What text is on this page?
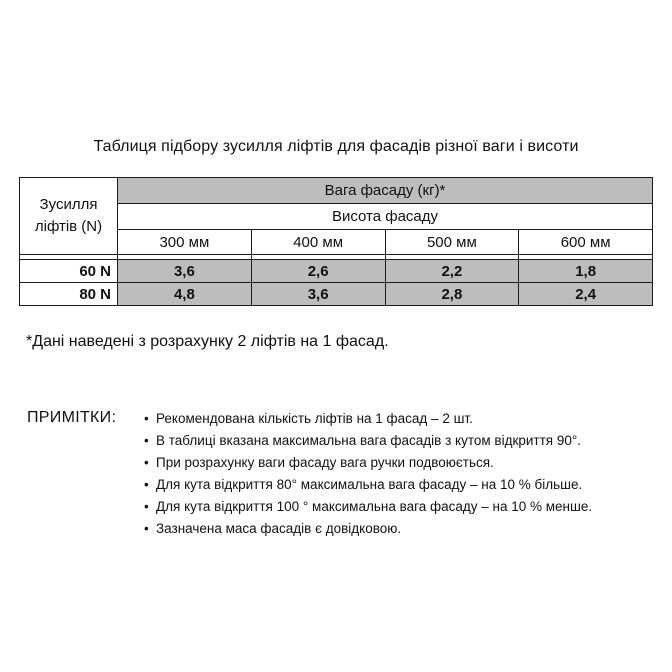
Таблиця підбору зусилля ліфтів для фасадів різної ваги і висоти
Зусилля ліфтів (N)	Вага фасаду (кг)*			
	Висота фасаду			
	300 мм	400 мм	500 мм	600 мм

60 N	3,6	2,6	2,2	1,8
80 N	4,8	3,6	2,8	2,4
*Дані наведені з розрахунку 2 ліфтів на 1 фасад.
ПРИМІТКИ: • Рекомендована кількість ліфтів на 1 фасад – 2 шт.
• В таблиці вказана максимальна вага фасадів з кутом відкриття 90°.
• При розрахунку ваги фасаду вага ручки подвоюється.
• Для кута відкриття 80° максимальна вага фасаду – на 10 % більше.
• Для кута відкриття 100 ° максимальна вага фасаду – на 10 % менше.
• Зазначена маса фасадів є довідковою.
